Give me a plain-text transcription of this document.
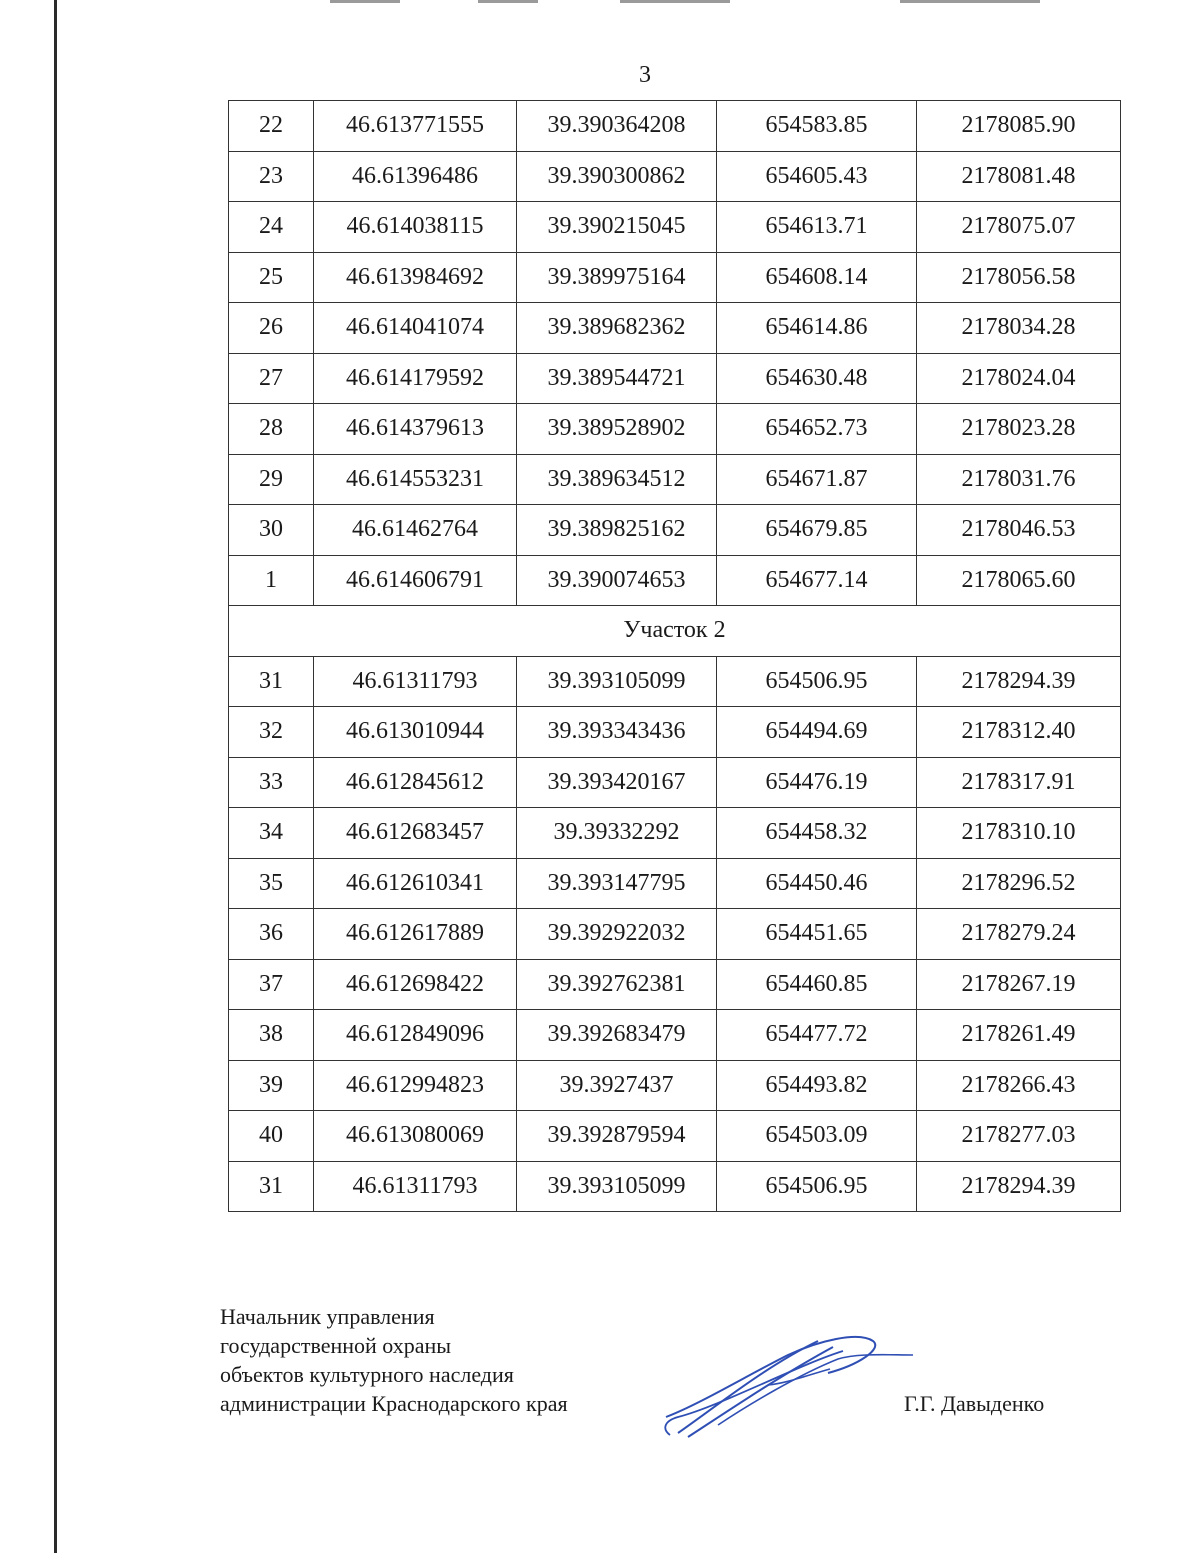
3
22	46.613771555	39.390364208	654583.85	2178085.90
23	46.61396486	39.390300862	654605.43	2178081.48
24	46.614038115	39.390215045	654613.71	2178075.07
25	46.613984692	39.389975164	654608.14	2178056.58
26	46.614041074	39.389682362	654614.86	2178034.28
27	46.614179592	39.389544721	654630.48	2178024.04
28	46.614379613	39.389528902	654652.73	2178023.28
29	46.614553231	39.389634512	654671.87	2178031.76
30	46.61462764	39.389825162	654679.85	2178046.53
1	46.614606791	39.390074653	654677.14	2178065.60
Участок 2				
31	46.61311793	39.393105099	654506.95	2178294.39
32	46.613010944	39.393343436	654494.69	2178312.40
33	46.612845612	39.393420167	654476.19	2178317.91
34	46.612683457	39.39332292	654458.32	2178310.10
35	46.612610341	39.393147795	654450.46	2178296.52
36	46.612617889	39.392922032	654451.65	2178279.24
37	46.612698422	39.392762381	654460.85	2178267.19
38	46.612849096	39.392683479	654477.72	2178261.49
39	46.612994823	39.3927437	654493.82	2178266.43
40	46.613080069	39.392879594	654503.09	2178277.03
31	46.61311793	39.393105099	654506.95	2178294.39
Начальник управления
государственной охраны
объектов культурного наследия
администрации Краснодарского края	Г.Г. Давыденко
